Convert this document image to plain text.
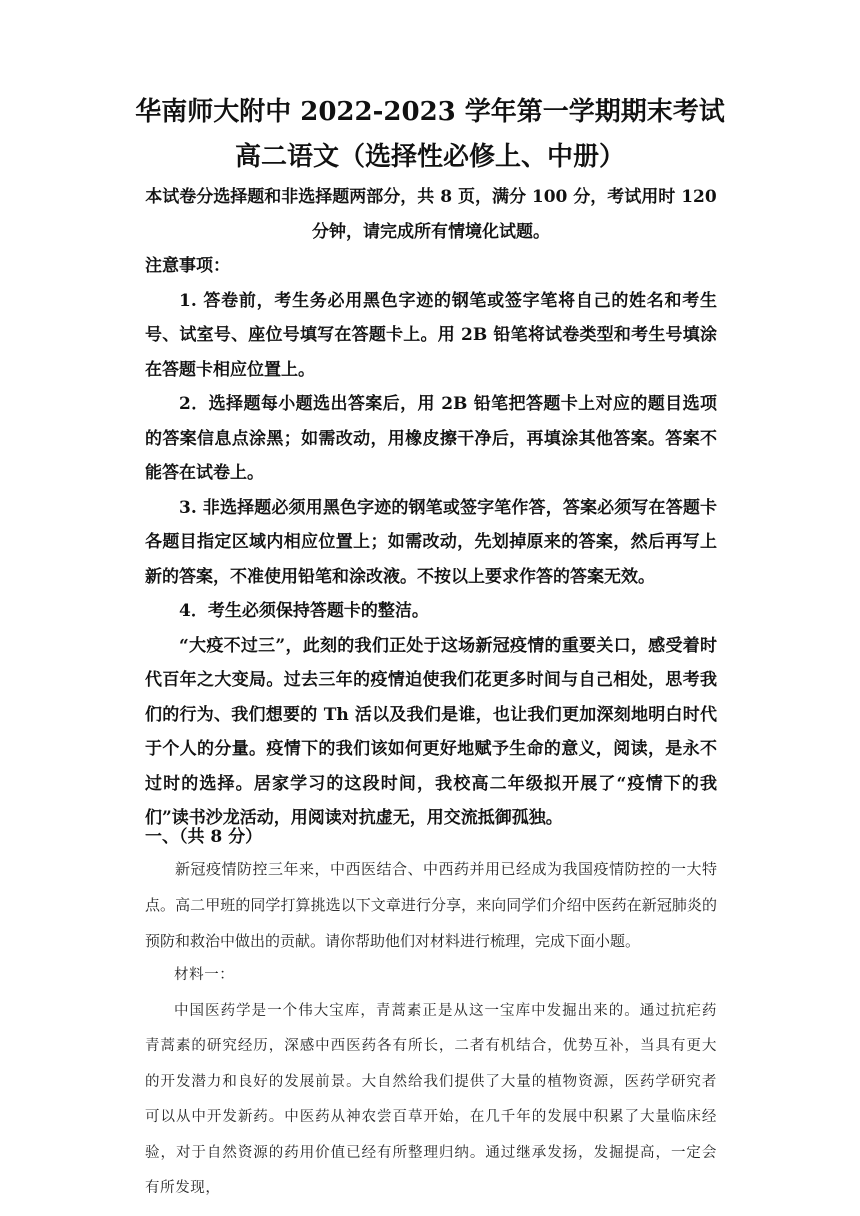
华南师大附中 2022-2023 学年第一学期期末考试
高二语文（选择性必修上、中册）

本试卷分选择题和非选择题两部分，共 8 页，满分 100 分，考试用时 120 分钟，请完成所有情境化试题。

注意事项：

1. 答卷前，考生务必用黑色字迹的钢笔或签字笔将自己的姓名和考生号、试室号、座位号填写在答题卡上。用 2B 铅笔将试卷类型和考生号填涂在答题卡相应位置上。

2．选择题每小题选出答案后，用 2B 铅笔把答题卡上对应的题目选项的答案信息点涂黑；如需改动，用橡皮擦干净后，再填涂其他答案。答案不能答在试卷上。

3. 非选择题必须用黑色字迹的钢笔或签字笔作答，答案必须写在答题卡各题目指定区域内相应位置上；如需改动，先划掉原来的答案，然后再写上新的答案，不准使用铅笔和涂改液。不按以上要求作答的答案无效。

4．考生必须保持答题卡的整洁。

“大疫不过三”，此刻的我们正处于这场新冠疫情的重要关口，感受着时代百年之大变局。过去三年的疫情迫使我们花更多时间与自己相处，思考我们的行为、我们想要的 Th 活以及我们是谁，也让我们更加深刻地明白时代于个人的分量。疫情下的我们该如何更好地赋予生命的意义，阅读，是永不过时的选择。居家学习的这段时间，我校高二年级拟开展了“疫情下的我们”读书沙龙活动，用阅读对抗虚无，用交流抵御孤独。

一、（共 8 分）

新冠疫情防控三年来，中西医结合、中西药并用已经成为我国疫情防控的一大特点。高二甲班的同学打算挑选以下文章进行分享，来向同学们介绍中医药在新冠肺炎的预防和救治中做出的贡献。请你帮助他们对材料进行梳理，完成下面小题。

材料一：

中国医药学是一个伟大宝库，青蒿素正是从这一宝库中发掘出来的。通过抗疟药青蒿素的研究经历，深感中西医药各有所长，二者有机结合，优势互补，当具有更大的开发潜力和良好的发展前景。大自然给我们提供了大量的植物资源，医药学研究者可以从中开发新药。中医药从神农尝百草开始，在几千年的发展中积累了大量临床经验，对于自然资源的药用价值已经有所整理归纳。通过继承发扬，发掘提高，一定会有所发现，
